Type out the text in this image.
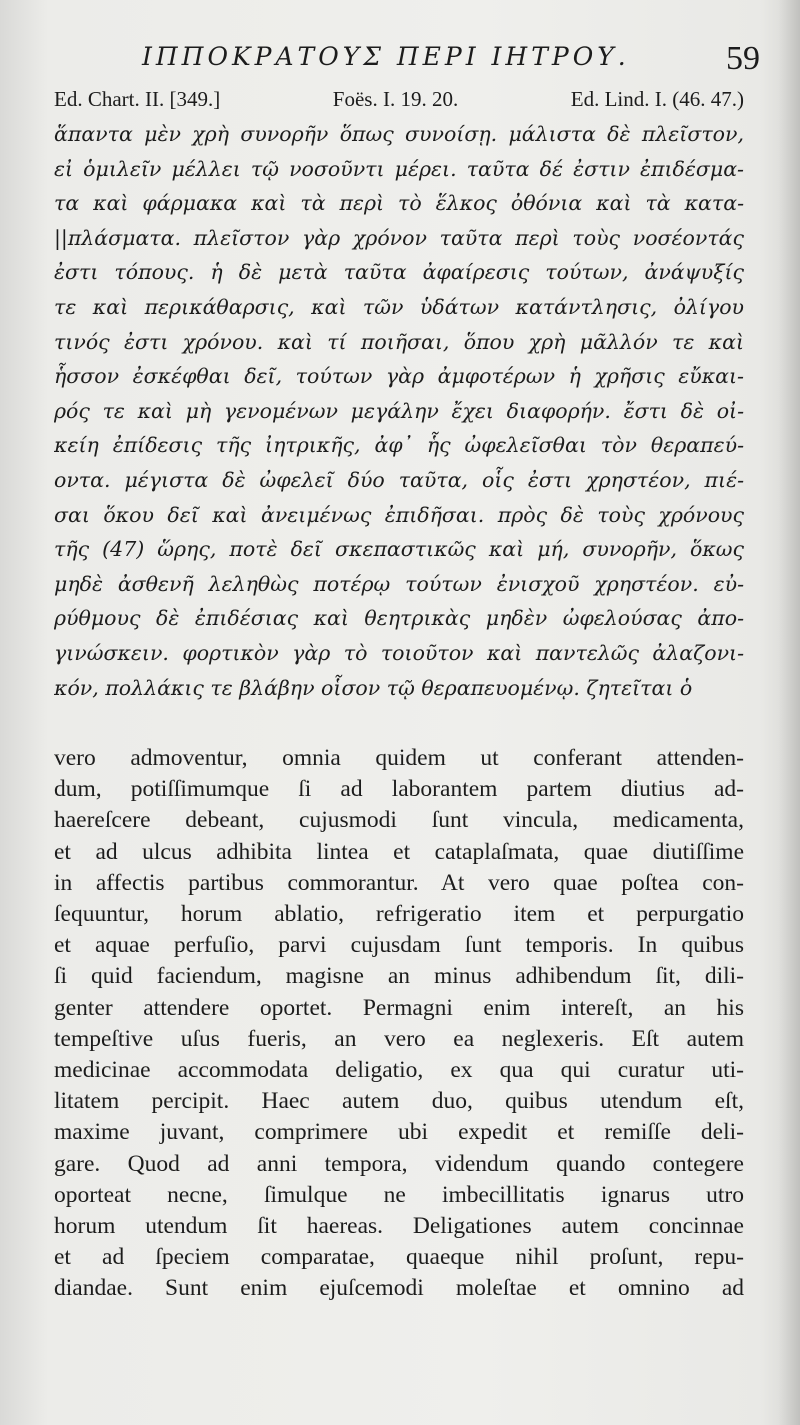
ΙΠΠΟΚΡΑΤΟΥΣ ΠΕΡΙ ΙΗΤΡΟΥ.	59
Ed. Chart. II. [349.]	Foës. I. 19. 20.	Ed. Lind. I. (46. 47.)

ἅπαντα μὲν χρὴ συνορῆν ὅπως συνοίσῃ. μάλιστα δὲ πλεῖστον,
εἰ ὁμιλεῖν μέλλει τῷ νοσοῦντι μέρει. ταῦτα δέ ἐστιν ἐπιδέσμα-
τα καὶ φάρμακα καὶ τὰ περὶ τὸ ἕλκος ὀθόνια καὶ τὰ κατα-
||πλάσματα. πλεῖστον γὰρ χρόνον ταῦτα περὶ τοὺς νοσέοντάς
ἐστι τόπους. ἡ δὲ μετὰ ταῦτα ἀφαίρεσις τούτων, ἀνάψυξίς
τε καὶ περικάθαρσις, καὶ τῶν ὑδάτων κατάντλησις, ὀλίγου
τινός ἐστι χρόνου. καὶ τί ποιῆσαι, ὅπου χρὴ μᾶλλόν τε καὶ
ἧσσον ἐσκέφθαι δεῖ, τούτων γὰρ ἀμφοτέρων ἡ χρῆσις εὔκαι-
ρός τε καὶ μὴ γενομένων μεγάλην ἔχει διαφορήν. ἔστι δὲ οἰ-
κείη ἐπίδεσις τῆς ἰητρικῆς, ἀφ᾽ ἧς ὠφελεῖσθαι τὸν θεραπεύ-
οντα. μέγιστα δὲ ὠφελεῖ δύο ταῦτα, οἷς ἐστι χρηστέον, πιέ-
σαι ὅκου δεῖ καὶ ἀνειμένως ἐπιδῆσαι. πρὸς δὲ τοὺς χρόνους
τῆς (47) ὥρης, ποτὲ δεῖ σκεπαστικῶς καὶ μή, συνορῆν, ὅκως
μηδὲ ἀσθενῆ λεληθὼς ποτέρῳ τούτων ἐνισχοῦ χρηστέον. εὐ-
ρύθμους δὲ ἐπιδέσιας καὶ θεητρικὰς μηδὲν ὠφελούσας ἀπο-
γινώσκειν. φορτικὸν γὰρ τὸ τοιοῦτον καὶ παντελῶς ἀλαζονι-
κόν, πολλάκις τε βλάβην οἷσον τῷ θεραπευομένῳ. ζητεῖται ὁ

vero admoventur, omnia quidem ut conferant attenden-
dum, potiſſimumque ſi ad laborantem partem diutius ad-
haereſcere debeant, cujusmodi ſunt vincula, medicamenta,
et ad ulcus adhibita lintea et cataplaſmata, quae diutiſſime
in affectis partibus commorantur. At vero quae poſtea con-
ſequuntur, horum ablatio, refrigeratio item et perpurgatio
et aquae perfuſio, parvi cujusdam ſunt temporis. In quibus
ſi quid faciendum, magisne an minus adhibendum ſit, dili-
genter attendere oportet. Permagni enim intereſt, an his
tempeſtive uſus fueris, an vero ea neglexeris. Eſt autem
medicinae accommodata deligatio, ex qua qui curatur uti-
litatem percipit. Haec autem duo, quibus utendum eſt,
maxime juvant, comprimere ubi expedit et remiſſe deli-
gare. Quod ad anni tempora, videndum quando contegere
oporteat necne, ſimulque ne imbecillitatis ignarus utro
horum utendum ſit haereas. Deligationes autem concinnae
et ad ſpeciem comparatae, quaeque nihil proſunt, repu-
diandae. Sunt enim ejuſcemodi moleſtae et omnino ad
